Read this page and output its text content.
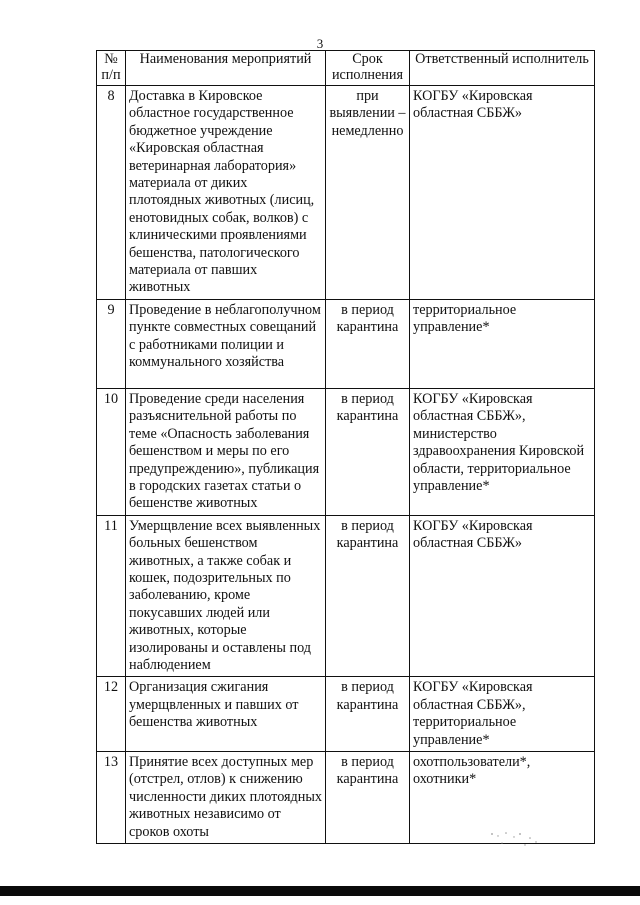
3
№ п/п	Наименования мероприятий	Срок исполнения	Ответственный исполнитель
8	Доставка в Кировское областное государственное бюджетное учреждение «Кировская областная ветеринарная лаборатория» материала от диких плотоядных животных (лисиц, енотовидных собак, волков) с клиническими проявлениями бешенства, патологического материала от павших животных	при выявлении – немедленно	КОГБУ «Кировская областная СББЖ»
9	Проведение в неблагополучном пункте совместных совещаний с работниками полиции и коммунального хозяйства	в период карантина	территориальное управление*
10	Проведение среди населения разъяснительной работы по теме «Опасность заболевания бешенством и меры по его предупреждению», публикация в городских газетах статьи о бешенстве животных	в период карантина	КОГБУ «Кировская областная СББЖ», министерство здравоохранения Кировской области, территориальное управление*
11	Умерщвление всех выявленных больных бешенством животных, а также собак и кошек, подозрительных по заболеванию, кроме покусавших людей или животных, которые изолированы и оставлены под наблюдением	в период карантина	КОГБУ «Кировская областная СББЖ»
12	Организация сжигания умерщвленных и павших от бешенства животных	в период карантина	КОГБУ «Кировская областная СББЖ», территориальное управление*
13	Принятие всех доступных мер (отстрел, отлов) к снижению численности диких плотоядных животных независимо от сроков охоты	в период карантина	охотпользователи*, охотники*
